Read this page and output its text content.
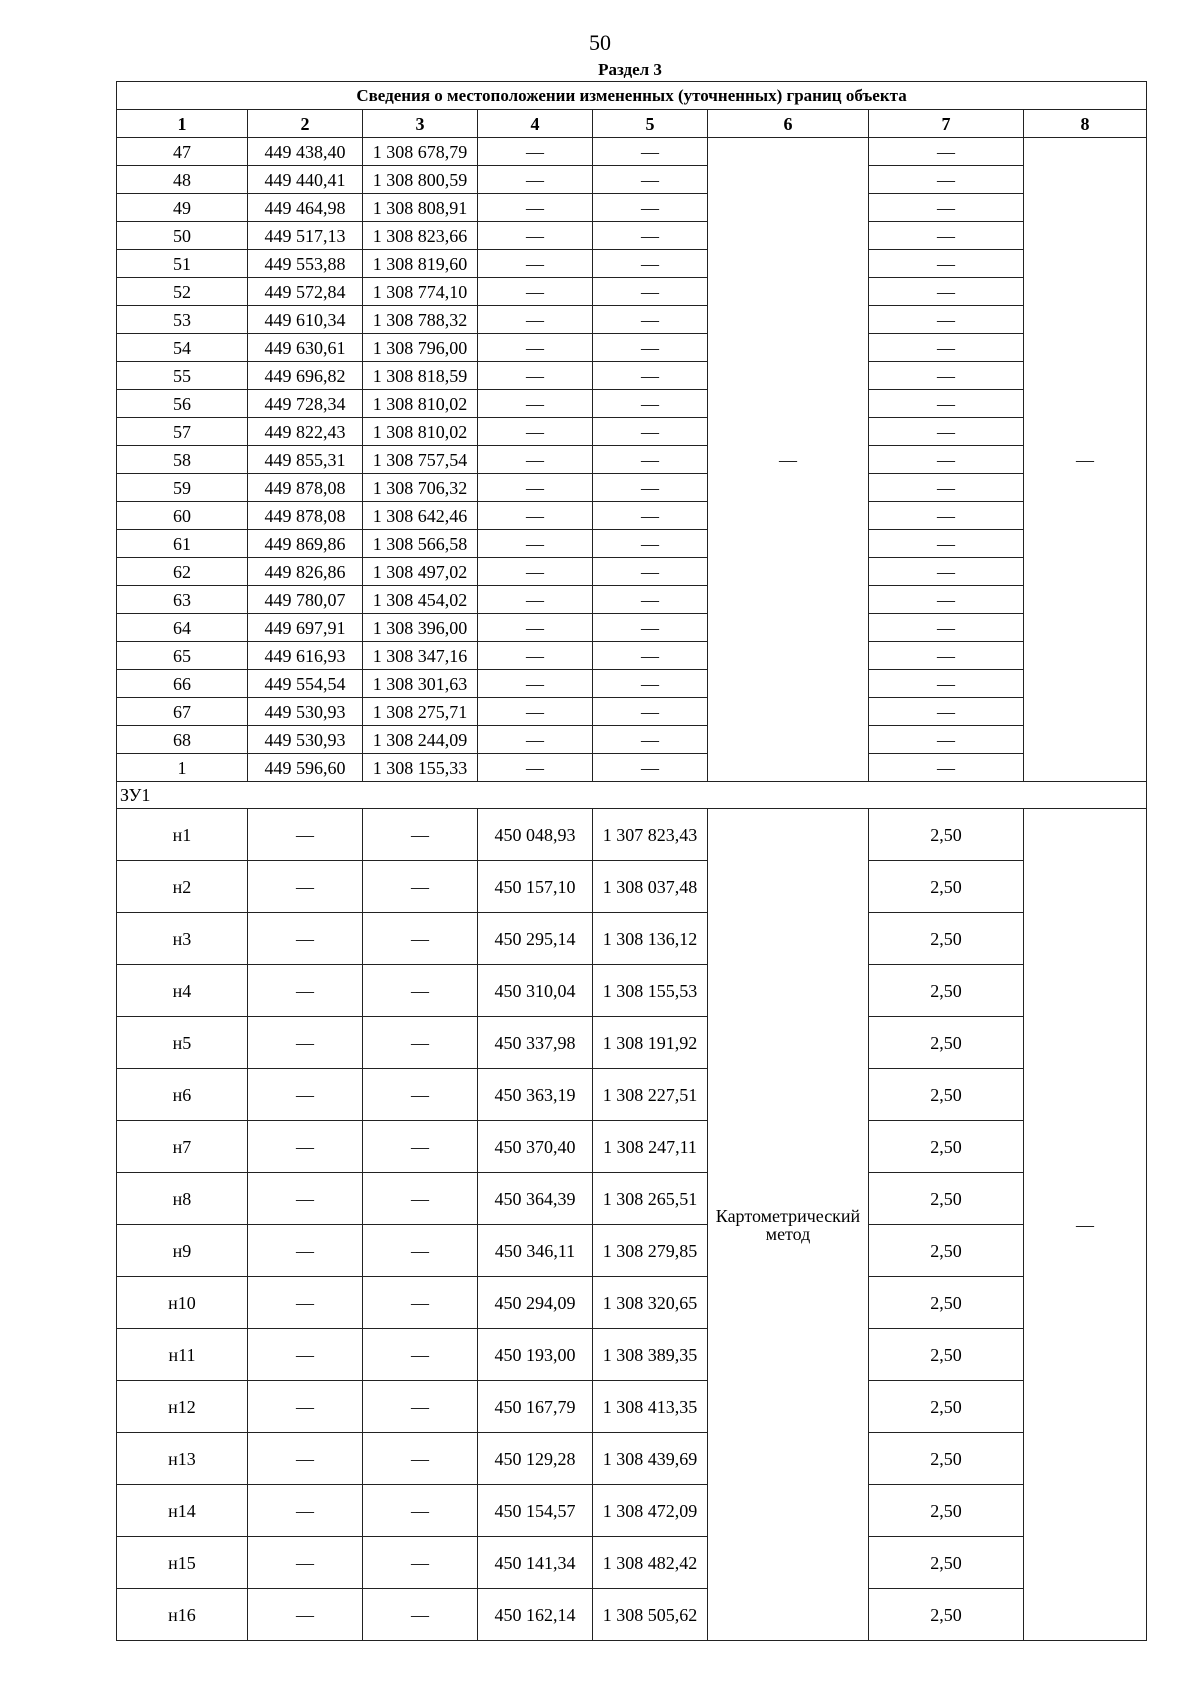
50
Раздел 3
Сведения о местоположении измененных (уточненных) границ объекта							
1	2	3	4	5	6	7	8
47	449 438,40	1 308 678,79	—	—	—	—	—
48	449 440,41	1 308 800,59	—	—		—	
49	449 464,98	1 308 808,91	—	—		—	
50	449 517,13	1 308 823,66	—	—		—	
51	449 553,88	1 308 819,60	—	—		—	
52	449 572,84	1 308 774,10	—	—		—	
53	449 610,34	1 308 788,32	—	—		—	
54	449 630,61	1 308 796,00	—	—		—	
55	449 696,82	1 308 818,59	—	—		—	
56	449 728,34	1 308 810,02	—	—		—	
57	449 822,43	1 308 810,02	—	—		—	
58	449 855,31	1 308 757,54	—	—		—	
59	449 878,08	1 308 706,32	—	—		—	
60	449 878,08	1 308 642,46	—	—		—	
61	449 869,86	1 308 566,58	—	—		—	
62	449 826,86	1 308 497,02	—	—		—	
63	449 780,07	1 308 454,02	—	—		—	
64	449 697,91	1 308 396,00	—	—		—	
65	449 616,93	1 308 347,16	—	—		—	
66	449 554,54	1 308 301,63	—	—		—	
67	449 530,93	1 308 275,71	—	—		—	
68	449 530,93	1 308 244,09	—	—		—	
1	449 596,60	1 308 155,33	—	—		—	
ЗУ1							
н1	—	—	450 048,93	1 307 823,43	Картометрический метод	2,50	—
н2	—	—	450 157,10	1 308 037,48		2,50	
н3	—	—	450 295,14	1 308 136,12		2,50	
н4	—	—	450 310,04	1 308 155,53		2,50	
н5	—	—	450 337,98	1 308 191,92		2,50	
н6	—	—	450 363,19	1 308 227,51		2,50	
н7	—	—	450 370,40	1 308 247,11		2,50	
н8	—	—	450 364,39	1 308 265,51		2,50	
н9	—	—	450 346,11	1 308 279,85		2,50	
н10	—	—	450 294,09	1 308 320,65		2,50	
н11	—	—	450 193,00	1 308 389,35		2,50	
н12	—	—	450 167,79	1 308 413,35		2,50	
н13	—	—	450 129,28	1 308 439,69		2,50	
н14	—	—	450 154,57	1 308 472,09		2,50	
н15	—	—	450 141,34	1 308 482,42		2,50	
н16	—	—	450 162,14	1 308 505,62		2,50	
